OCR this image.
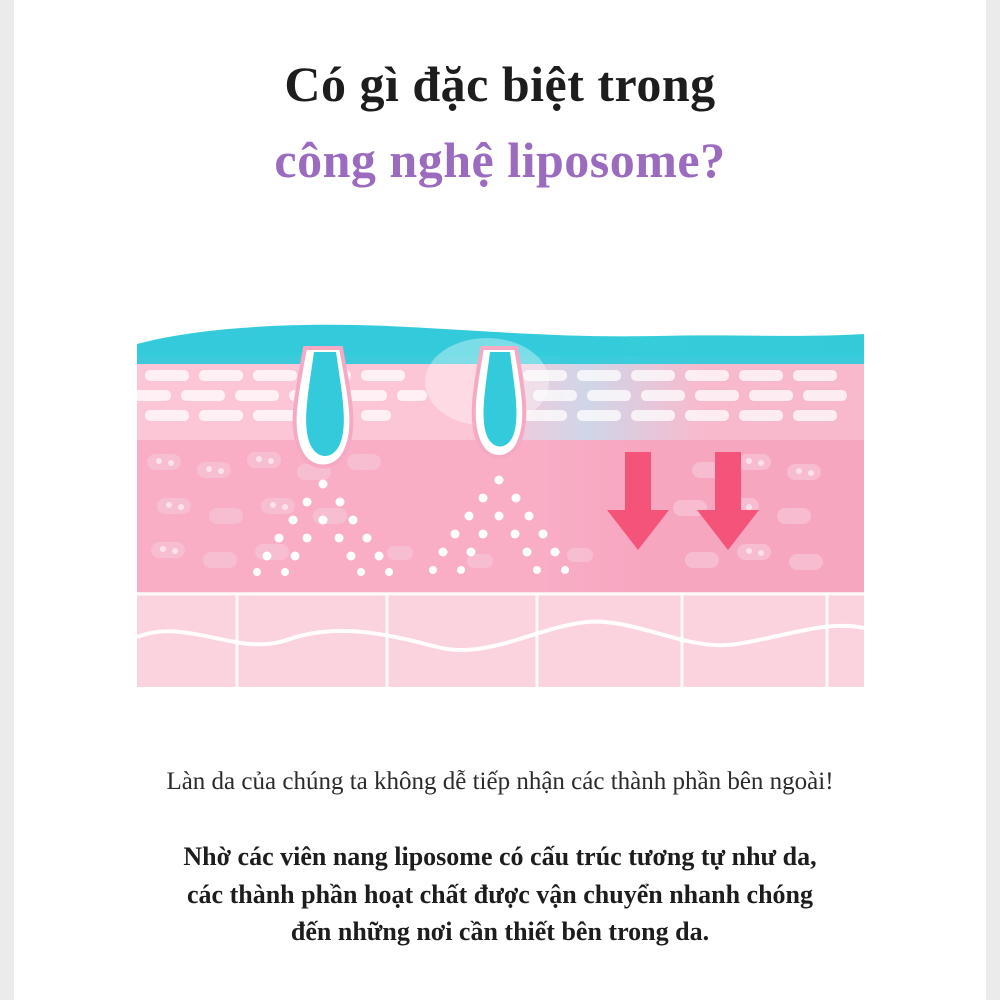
Có gì đặc biệt trong
công nghệ liposome?
Làn da của chúng ta không dễ tiếp nhận các thành phần bên ngoài!
Nhờ các viên nang liposome có cấu trúc tương tự như da,
các thành phần hoạt chất được vận chuyển nhanh chóng
đến những nơi cần thiết bên trong da.
